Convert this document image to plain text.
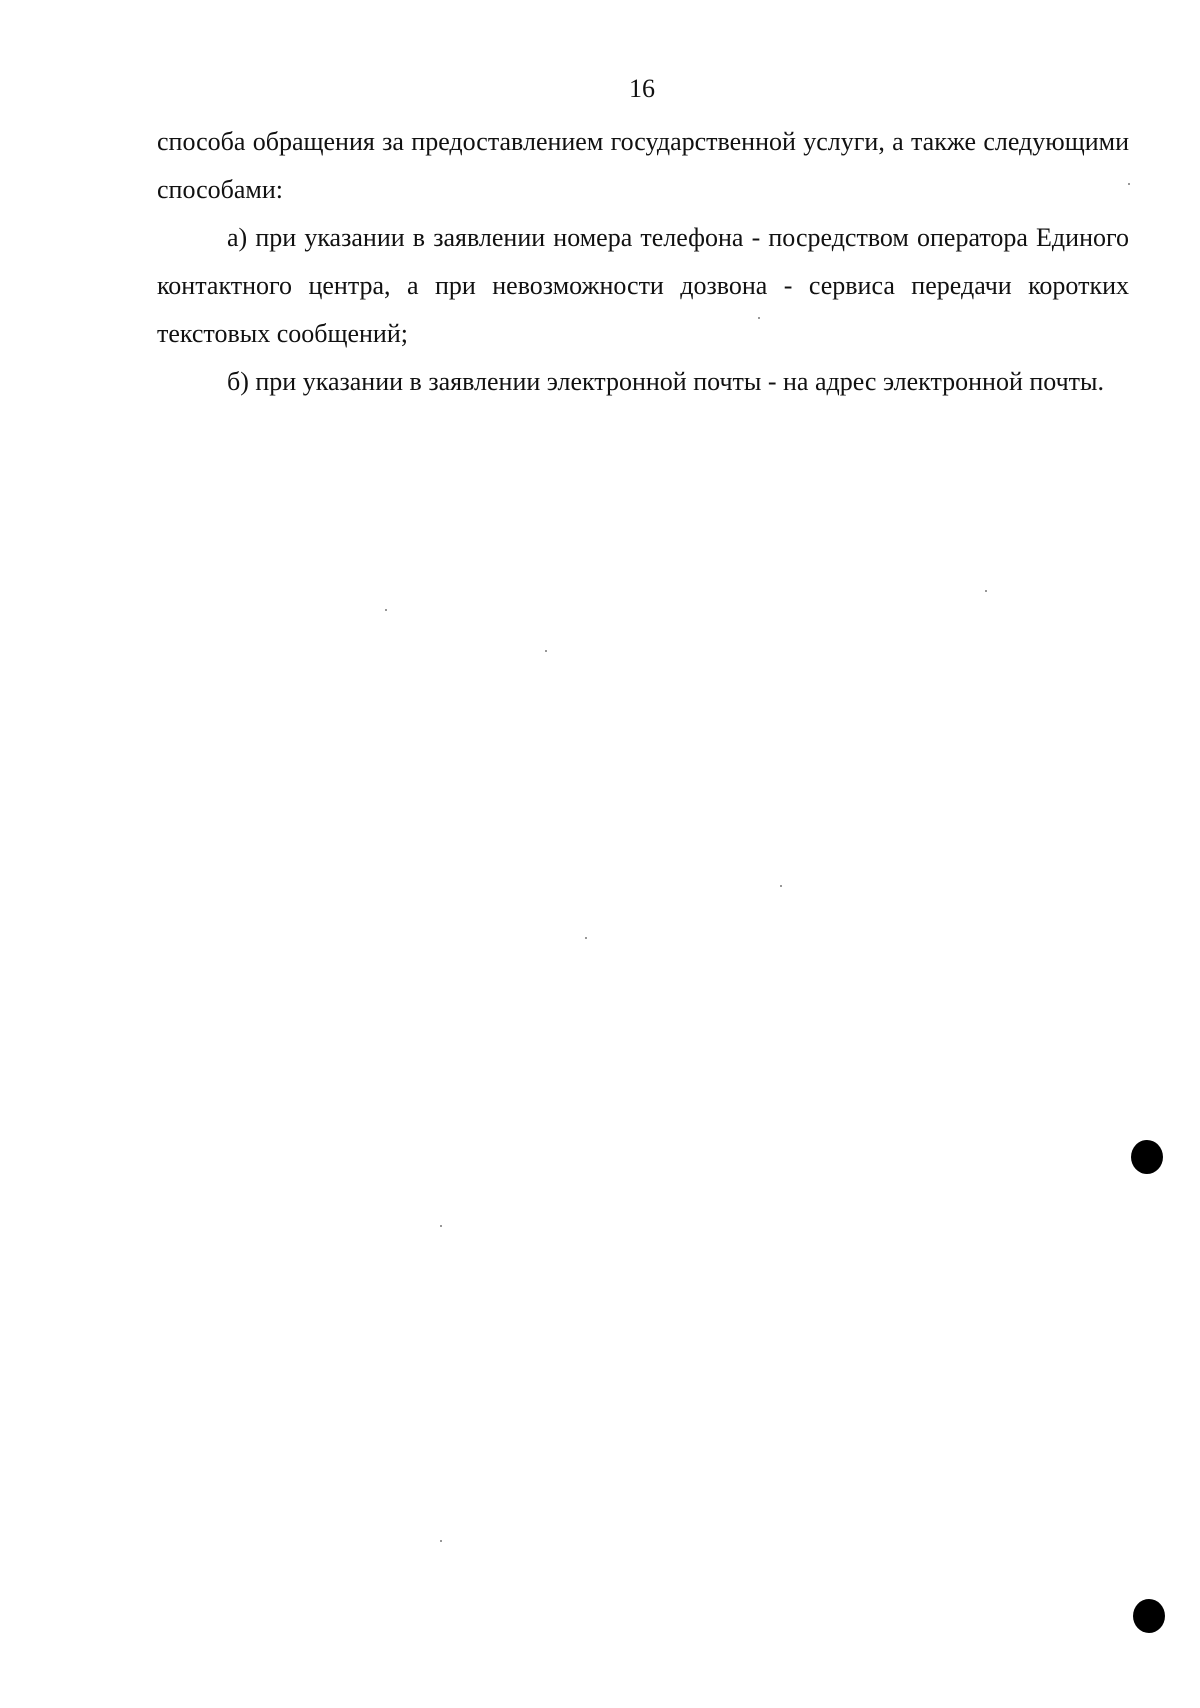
16

способа обращения за предоставлением государственной услуги, а также следующими способами:

а) при указании в заявлении номера телефона - посредством оператора Единого контактного центра, а при невозможности дозвона - сервиса передачи коротких текстовых сообщений;

б) при указании в заявлении электронной почты - на адрес электронной почты.
